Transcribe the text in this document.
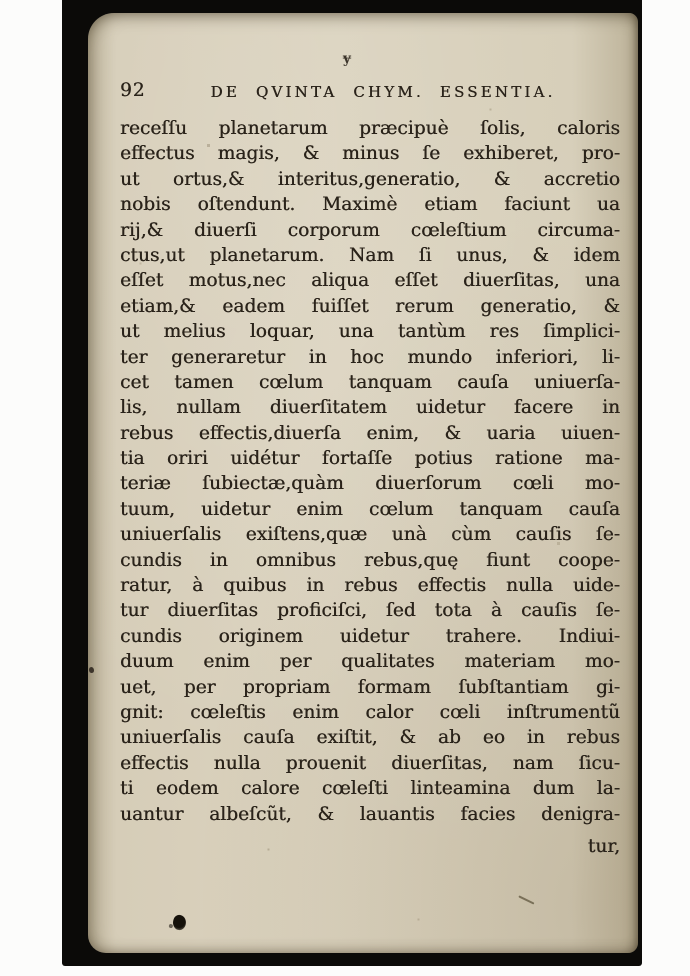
ɏ
92	DE QVINTA CHYM. ESSENTIA.
receſſu planetarum præcipuè ſolis, caloris
effectus magis, & minus ſe exhiberet, pro-
ut ortus,& interitus,generatio, & accretio
nobis oſtendunt. Maximè etiam faciunt ua
rij,& diuerſi corporum cœleſtium circuma-
ctus,ut planetarum. Nam ſi unus, & idem
eſſet motus,nec aliqua eſſet diuerſitas, una
etiam,& eadem fuiſſet rerum generatio, &
ut melius loquar, una tantùm res ſimplici-
ter generaretur in hoc mundo inferiori, li-
cet tamen cœlum tanquam cauſa uniuerſa-
lis, nullam diuerſitatem uidetur facere in
rebus effectis,diuerſa enim, & uaria uiuen-
tia oriri uidétur fortaſſe potius ratione ma-
teriæ ſubiectæ,quàm diuerſorum cœli mo-
tuum, uidetur enim cœlum tanquam cauſa
uniuerſalis exiſtens,quæ unà cùm cauſis ſe-
cundis in omnibus rebus,quę fiunt coope-
ratur, à quibus in rebus effectis nulla uide-
tur diuerſitas proficiſci, ſed tota à cauſis ſe-
cundis originem uidetur trahere. Indiui-
duum enim per qualitates materiam mo-
uet, per propriam formam ſubſtantiam gi-
gnit: cœleſtis enim calor cœli inſtrumentũ
uniuerſalis cauſa exiſtit, & ab eo in rebus
effectis nulla prouenit diuerſitas, nam ſicu-
ti eodem calore cœleſti linteamina dum la-
uantur albeſcũt, & lauantis facies denigra-
tur,
